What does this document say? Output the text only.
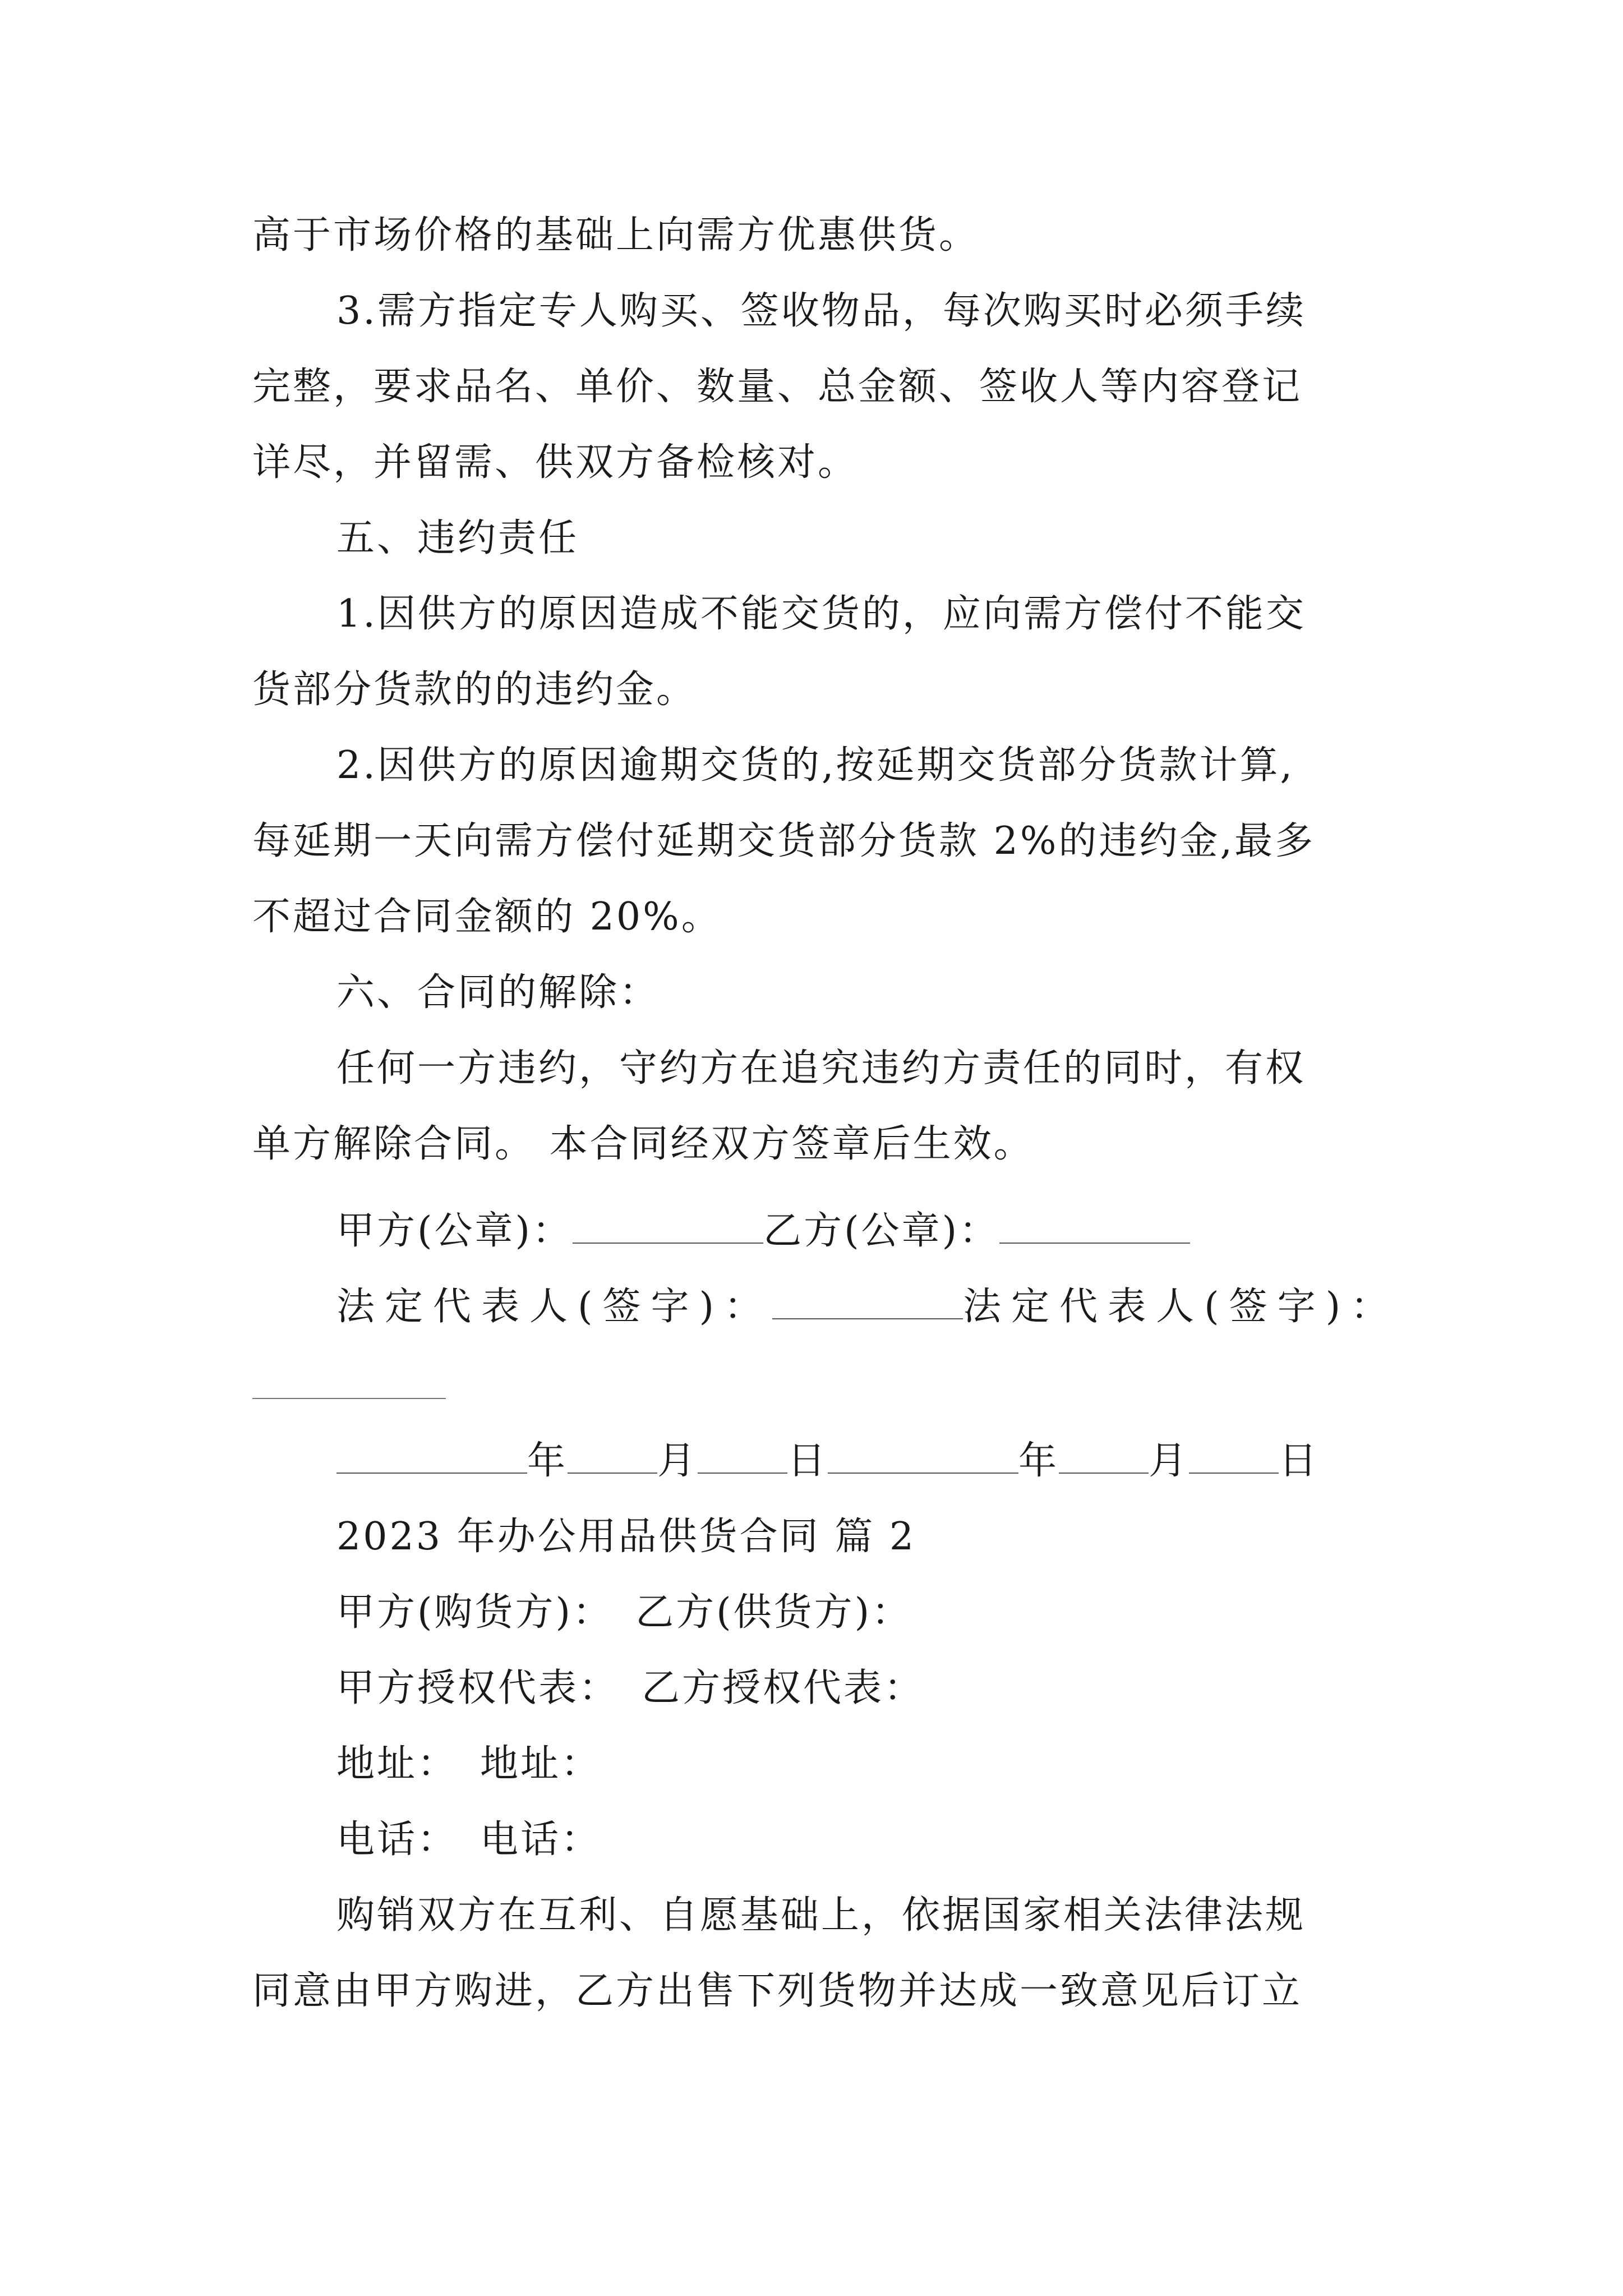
高于市场价格的基础上向需方优惠供货。
3.需方指定专人购买、签收物品，每次购买时必须手续
完整，要求品名、单价、数量、总金额、签收人等内容登记
详尽，并留需、供双方备检核对。
五、违约责任
1.因供方的原因造成不能交货的，应向需方偿付不能交
货部分货款的的违约金。
2.因供方的原因逾期交货的,按延期交货部分货款计算,
每延期一天向需方偿付延期交货部分货款 2%的违约金,最多
不超过合同金额的 20%。
六、合同的解除：
任何一方违约，守约方在追究违约方责任的同时，有权
单方解除合同。 本合同经双方签章后生效。
甲方(公章)：	乙方(公章)：
法定代表人(签字)：	法定代表人(签字)：
年 月 日	年 月 日
2023 年办公用品供货合同 篇 2
甲方(购货方)： 乙方(供货方)：
甲方授权代表： 乙方授权代表：
地址： 地址：
电话： 电话：
购销双方在互利、自愿基础上，依据国家相关法律法规
同意由甲方购进，乙方出售下列货物并达成一致意见后订立
